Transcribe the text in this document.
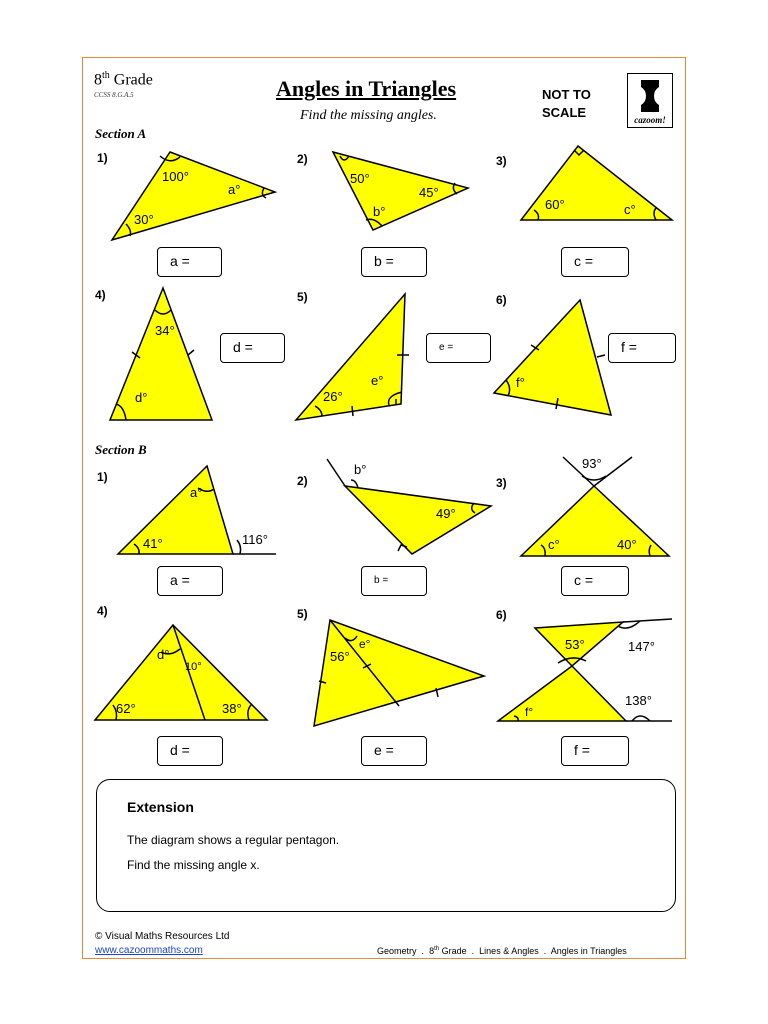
8th Grade
CCSS 8.G.A.5	Angles in Triangles
Find the missing angles.
NOT TO SCALE	cazoom!
Section A
Section B
1)	2)	3)
4)	5)	6)
1)	2)	3)
4)	5)	6)
100°
a°
30°
50°
45°
b°	60°	c°
34°
d°	26°
e°	f°
a°
41°	116°
b°
49°
93°
c°	40°
d°
10°
62°	38°
e°
56°
53°	147°
138°
f°
a =	b =	c =
d =	e =	f =
a =	b =	c =
d =	e =	f =
Extension
The diagram shows a regular pentagon.
Find the missing angle x.
© Visual Maths Resources Ltd
www.cazoommaths.com	Geometry . 8th Grade . Lines & Angles . Angles in Triangles
